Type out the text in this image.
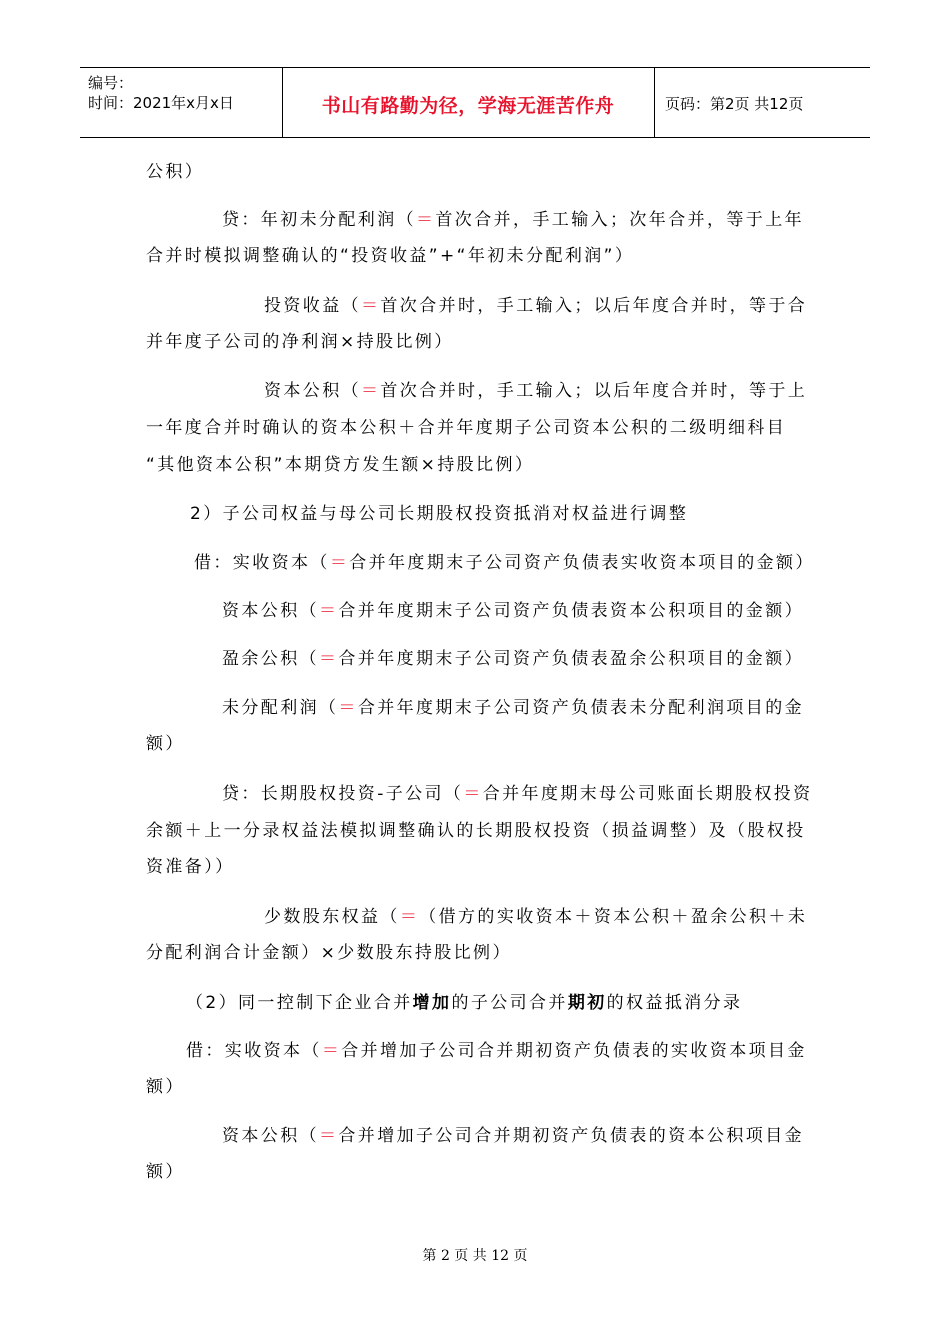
编号：
时间：2021年x月x日	书山有路勤为径，学海无涯苦作舟	页码：第2页 共12页
公积）
贷：年初未分配利润（＝首次合并，手工输入；次年合并，等于上年
合并时模拟调整确认的“投资收益”+“年初未分配利润”）
投资收益（＝首次合并时，手工输入；以后年度合并时，等于合
并年度子公司的净利润×持股比例）
资本公积（＝首次合并时，手工输入；以后年度合并时，等于上
一年度合并时确认的资本公积＋合并年度期子公司资本公积的二级明细科目
“其他资本公积”本期贷方发生额×持股比例）
2）子公司权益与母公司长期股权投资抵消对权益进行调整
借：实收资本（＝合并年度期末子公司资产负债表实收资本项目的金额）
资本公积（＝合并年度期末子公司资产负债表资本公积项目的金额）
盈余公积（＝合并年度期末子公司资产负债表盈余公积项目的金额）
未分配利润（＝合并年度期末子公司资产负债表未分配利润项目的金
额）
贷：长期股权投资-子公司（＝合并年度期末母公司账面长期股权投资
余额＋上一分录权益法模拟调整确认的长期股权投资（损益调整）及（股权投
资准备））
少数股东权益（＝（借方的实收资本＋资本公积＋盈余公积＋未
分配利润合计金额）×少数股东持股比例）
（2）同一控制下企业合并增加的子公司合并期初的权益抵消分录
借：实收资本（＝合并增加子公司合并期初资产负债表的实收资本项目金
额）
资本公积（＝合并增加子公司合并期初资产负债表的资本公积项目金
额）
第 2 页 共 12 页
